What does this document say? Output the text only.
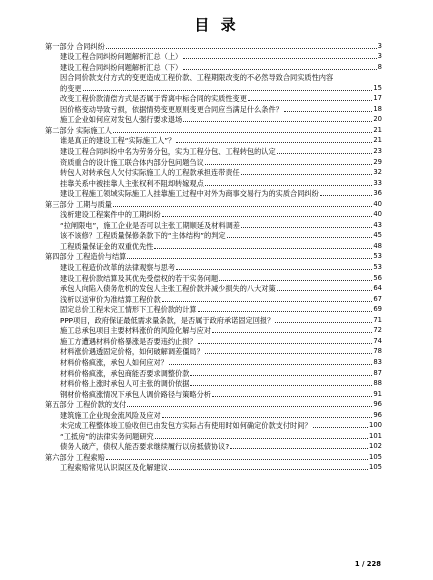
目 录
第一部分 合同纠纷	3
建设工程合同纠纷问题解析汇总（上）	3
建设工程合同纠纷问题解析汇总（下）	8
因合同价款支付方式的变更造成工程价款、工程期限改变的不必然导致合同实质性内容
的变更	15
改变工程价款清偿方式是否属于背离中标合同的实质性变更	17
因价格变动导致亏损，依据情势变更原则变更合同应当满足什么条件？	18
施工企业如何应对发包人强行要求退场	20
第二部分 实际施工人	21
谁是真正的建设工程“实际施工人”？	21
建设工程合同纠纷中名为劳务分包，实为工程分包、工程转包的认定	23
资质重合的设计施工联合体内部分包问题刍议	29
转包人对转承包人欠付实际施工人的工程款承担连带责任	32
挂靠关系中被挂靠人主张权利不阻却转嫁观点	33
建设工程施工领域实际施工人挂靠施工过程中对外为商事交易行为的实质合同纠纷	36
第三部分 工期与质量	40
浅析建设工程案件中的工期纠纷	40
“拉闸限电”，施工企业是否可以主张工期顺延及材料调差	43
该不该修？工程质量保修条款下的“主体结构”的判定	45
工程质量保证金的双重优先性	48
第四部分 工程造价与结算	53
建设工程造价改革的法律观察与思考	53
建设工程价款结算及其优先受偿权的若干实务问题	56
承包人向陷入债务危机的发包人主张工程价款并减少损失的八大对策	64
浅析以送审价为准结算工程价款	67
固定总价工程未完工情形下工程价款的计算	69
PPP项目，政府保证最低需求量条款，是否属于政府承诺固定回报？	71
施工总承包项目主要材料涨价的风险化解与应对	72
施工方遭遇材料价格暴涨是否要违约止损？	74
材料涨价遇透固定价格，如何破解调差僵局？	78
材料价格疯涨，承包人如何应对？	83
材料价格疯涨，承包商能否要求调整价款	87
材料价格上涨时承包人可主张的调价依据	88
钢材价格疯涨情况下承包人调价路径与策略分析	91
第五部分 工程价款的支付	96
建筑施工企业现金流风险及应对	96
未完成工程整体竣工验收但已由发包方实际占有使用时如何确定价款支付时间？	100
“工抵房”的法律实务问题研究	101
债务人破产，债权人能否要求继续履行以房抵债协议?	102
第六部分 工程索赔	105
工程索赔常见认识误区及化解建议	105
1 / 228
